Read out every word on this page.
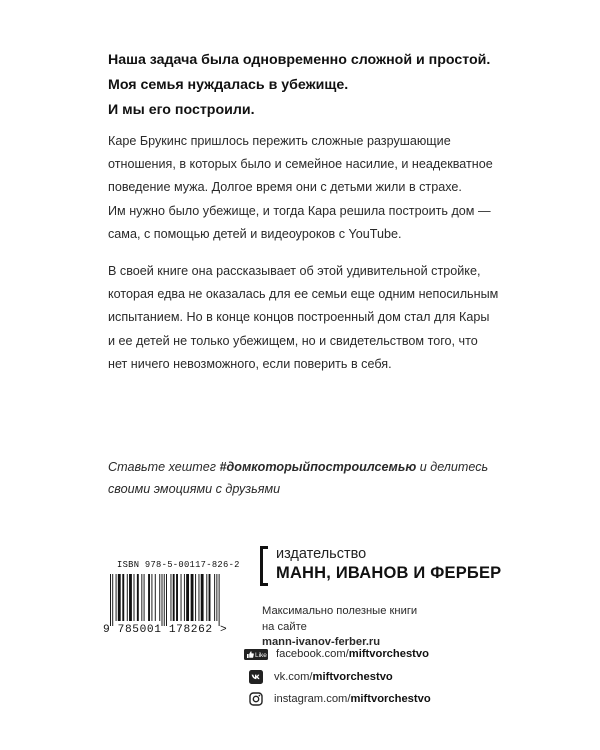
Наша задача была одновременно сложной и простой.

Моя семья нуждалась в убежище.

И мы его построили.

Каре Брукинс пришлось пережить сложные разрушающие
отношения, в которых было и семейное насилие, и неадекватное
поведение мужа. Долгое время они с детьми жили в страхе.
Им нужно было убежище, и тогда Кара решила построить дом —
сама, с помощью детей и видеоуроков с YouTube.
В своей книге она рассказывает об этой удивительной стройке,
которая едва не оказалась для ее семьи еще одним непосильным
испытанием. Но в конце концов построенный дом стал для Кары
и ее детей не только убежищем, но и свидетельством того, что
нет ничего невозможного, если поверить в себя.
Ставьте хештег #домкоторыйпостроилсемью и делитесь
своими эмоциями с друзьями
ISBN 978-5-00117-826-2
9 785001 178262 >
издательство
МАНН, ИВАНОВ И ФЕРБЕР
Максимально полезные книги
на сайте
mann-ivanov-ferber.ru
Like facebook.com/miftvorchestvo
vk.com/miftvorchestvo
instagram.com/miftvorchestvo
